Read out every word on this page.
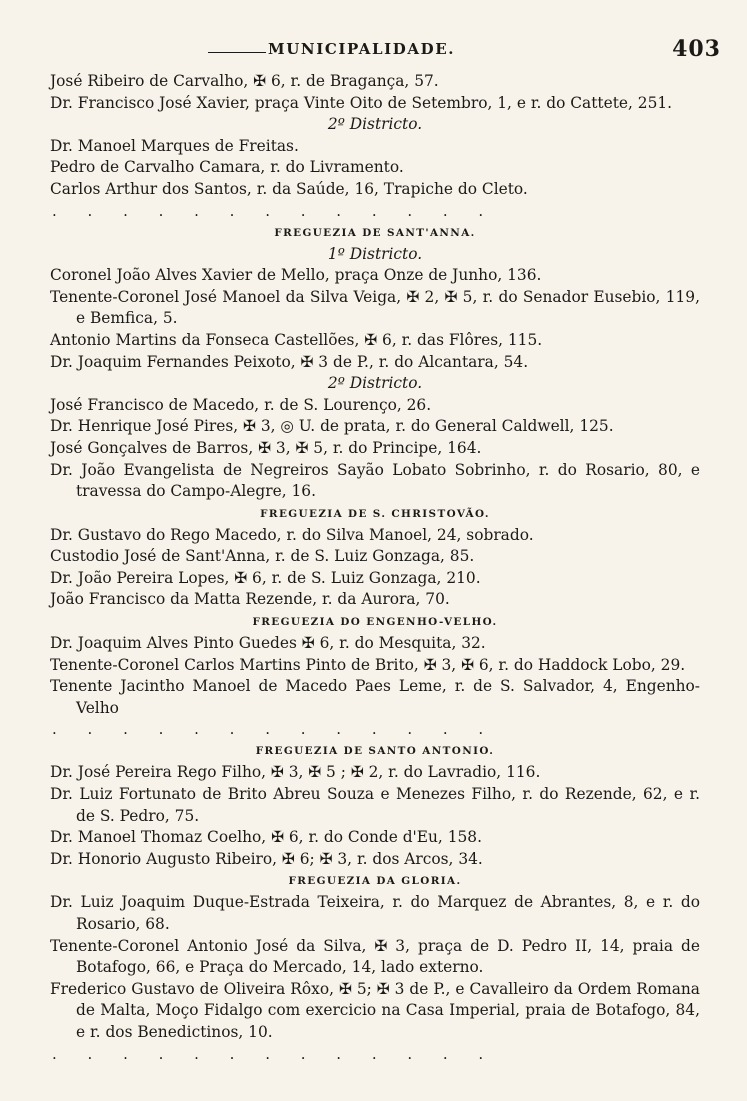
MUNICIPALIDADE.	403
José Ribeiro de Carvalho, ✠ 6, r. de Bragança, 57.
Dr. Francisco José Xavier, praça Vinte Oito de Setembro, 1, e r. do Cattete, 251.
2º Districto.
Dr. Manoel Marques de Freitas.
Pedro de Carvalho Camara, r. do Livramento.
Carlos Arthur dos Santos, r. da Saúde, 16, Trapiche do Cleto.
. . . . . . . . . . . . .
FREGUEZIA DE SANT'ANNA.
1º Districto.
Coronel João Alves Xavier de Mello, praça Onze de Junho, 136.
Tenente-Coronel José Manoel da Silva Veiga, ✠ 2, ✠ 5, r. do Senador Eusebio, 119, e Bemfica, 5.
Antonio Martins da Fonseca Castellões, ✠ 6, r. das Flôres, 115.
Dr. Joaquim Fernandes Peixoto, ✠ 3 de P., r. do Alcantara, 54.
2º Districto.
José Francisco de Macedo, r. de S. Lourenço, 26.
Dr. Henrique José Pires, ✠ 3, ◎ U. de prata, r. do General Caldwell, 125.
José Gonçalves de Barros, ✠ 3, ✠ 5, r. do Principe, 164.
Dr. João Evangelista de Negreiros Sayão Lobato Sobrinho, r. do Rosario, 80, e travessa do Campo-Alegre, 16.
FREGUEZIA DE S. CHRISTOVÃO.
Dr. Gustavo do Rego Macedo, r. do Silva Manoel, 24, sobrado.
Custodio José de Sant'Anna, r. de S. Luiz Gonzaga, 85.
Dr. João Pereira Lopes, ✠ 6, r. de S. Luiz Gonzaga, 210.
João Francisco da Matta Rezende, r. da Aurora, 70.
FREGUEZIA DO ENGENHO-VELHO.
Dr. Joaquim Alves Pinto Guedes ✠ 6, r. do Mesquita, 32.
Tenente-Coronel Carlos Martins Pinto de Brito, ✠ 3, ✠ 6, r. do Haddock Lobo, 29.
Tenente Jacintho Manoel de Macedo Paes Leme, r. de S. Salvador, 4, Engenho-Velho
. . . . . . . . . . . . .
FREGUEZIA DE SANTO ANTONIO.
Dr. José Pereira Rego Filho, ✠ 3, ✠ 5 ; ✠ 2, r. do Lavradio, 116.
Dr. Luiz Fortunato de Brito Abreu Souza e Menezes Filho, r. do Rezende, 62, e r. de S. Pedro, 75.
Dr. Manoel Thomaz Coelho, ✠ 6, r. do Conde d'Eu, 158.
Dr. Honorio Augusto Ribeiro, ✠ 6; ✠ 3, r. dos Arcos, 34.
FREGUEZIA DA GLORIA.
Dr. Luiz Joaquim Duque-Estrada Teixeira, r. do Marquez de Abrantes, 8, e r. do Rosario, 68.
Tenente-Coronel Antonio José da Silva, ✠ 3, praça de D. Pedro II, 14, praia de Botafogo, 66, e Praça do Mercado, 14, lado externo.
Frederico Gustavo de Oliveira Rôxo, ✠ 5; ✠ 3 de P., e Cavalleiro da Ordem Romana de Malta, Moço Fidalgo com exercicio na Casa Imperial, praia de Botafogo, 84, e r. dos Benedictinos, 10.
. . . . . . . . . . . . .
